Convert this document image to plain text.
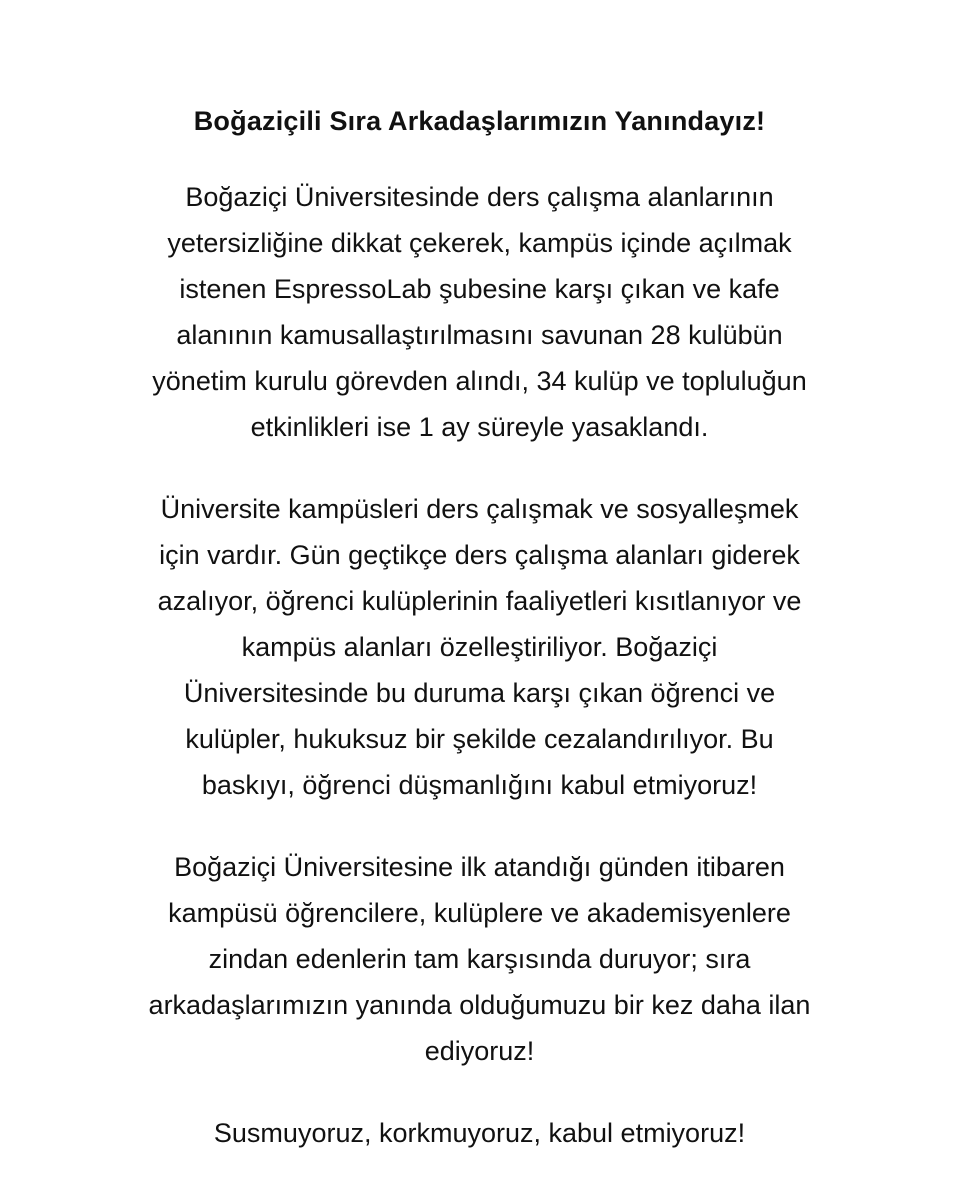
Boğaziçili Sıra Arkadaşlarımızın Yanındayız!

Boğaziçi Üniversitesinde ders çalışma alanlarının
yetersizliğine dikkat çekerek, kampüs içinde açılmak
istenen EspressoLab şubesine karşı çıkan ve kafe
alanının kamusallaştırılmasını savunan 28 kulübün
yönetim kurulu görevden alındı, 34 kulüp ve topluluğun
etkinlikleri ise 1 ay süreyle yasaklandı.

Üniversite kampüsleri ders çalışmak ve sosyalleşmek
için vardır. Gün geçtikçe ders çalışma alanları giderek
azalıyor, öğrenci kulüplerinin faaliyetleri kısıtlanıyor ve
kampüs alanları özelleştiriliyor. Boğaziçi
Üniversitesinde bu duruma karşı çıkan öğrenci ve
kulüpler, hukuksuz bir şekilde cezalandırılıyor. Bu
baskıyı, öğrenci düşmanlığını kabul etmiyoruz!

Boğaziçi Üniversitesine ilk atandığı günden itibaren
kampüsü öğrencilere, kulüplere ve akademisyenlere
zindan edenlerin tam karşısında duruyor; sıra
arkadaşlarımızın yanında olduğumuzu bir kez daha ilan
ediyoruz!

Susmuyoruz, korkmuyoruz, kabul etmiyoruz!
